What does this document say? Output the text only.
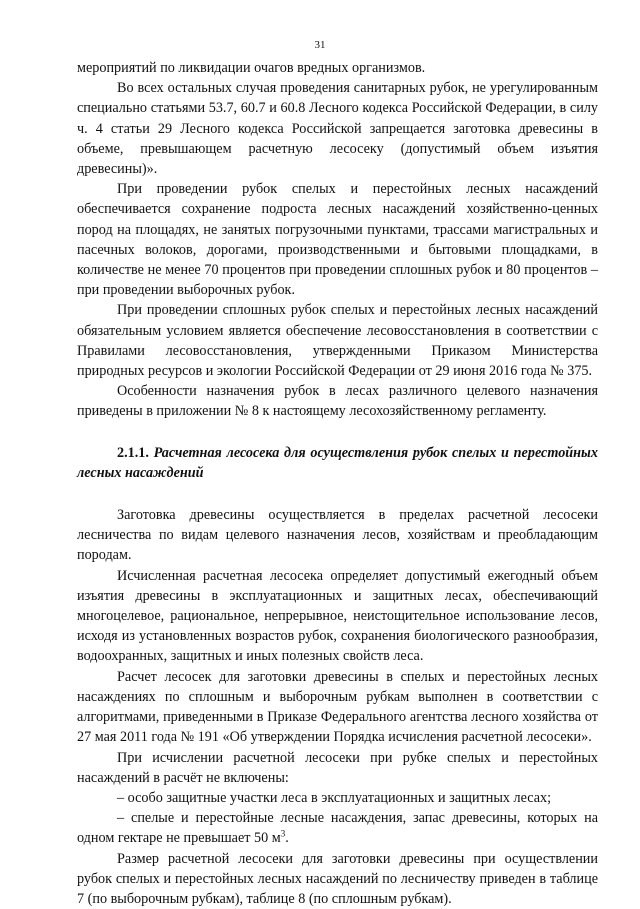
31

мероприятий по ликвидации очагов вредных организмов.

Во всех остальных случая проведения санитарных рубок, не урегулированным специально статьями 53.7, 60.7 и 60.8 Лесного кодекса Российской Федерации, в силу ч. 4 статьи 29 Лесного кодекса Российской запрещается заготовка древесины в объеме, превышающем расчетную лесосеку (допустимый объем изъятия древесины)».

При проведении рубок спелых и перестойных лесных насаждений обеспечивается сохранение подроста лесных насаждений хозяйственно-ценных пород на площадях, не занятых погрузочными пунктами, трассами магистральных и пасечных волоков, дорогами, производственными и бытовыми площадками, в количестве не менее 70 процентов при проведении сплошных рубок и 80 процентов – при проведении выборочных рубок.

При проведении сплошных рубок спелых и перестойных лесных насаждений обязательным условием является обеспечение лесовосстановления в соответствии с Правилами лесовосстановления, утвержденными Приказом Министерства природных ресурсов и экологии Российской Федерации от 29 июня 2016 года № 375.

Особенности назначения рубок в лесах различного целевого назначения приведены в приложении № 8 к настоящему лесохозяйственному регламенту.

2.1.1. Расчетная лесосека для осуществления рубок спелых и перестойных лесных насаждений

Заготовка древесины осуществляется в пределах расчетной лесосеки лесничества по видам целевого назначения лесов, хозяйствам и преобладающим породам.

Исчисленная расчетная лесосека определяет допустимый ежегодный объем изъятия древесины в эксплуатационных и защитных лесах, обеспечивающий многоцелевое, рациональное, непрерывное, неистощительное использование лесов, исходя из установленных возрастов рубок, сохранения биологического разнообразия, водоохранных, защитных и иных полезных свойств леса.

Расчет лесосек для заготовки древесины в спелых и перестойных лесных насаждениях по сплошным и выборочным рубкам выполнен в соответствии с алгоритмами, приведенными в Приказе Федерального агентства лесного хозяйства от 27 мая 2011 года № 191 «Об утверждении Порядка исчисления расчетной лесосеки».

При исчислении расчетной лесосеки при рубке спелых и перестойных насаждений в расчёт не включены:

– особо защитные участки леса в эксплуатационных и защитных лесах;

– спелые и перестойные лесные насаждения, запас древесины, которых на одном гектаре не превышает 50 $м^3$.

Размер расчетной лесосеки для заготовки древесины при осуществлении рубок спелых и перестойных лесных насаждений по лесничеству приведен в таблице 7 (по выборочным рубкам), таблице 8 (по сплошным рубкам).
